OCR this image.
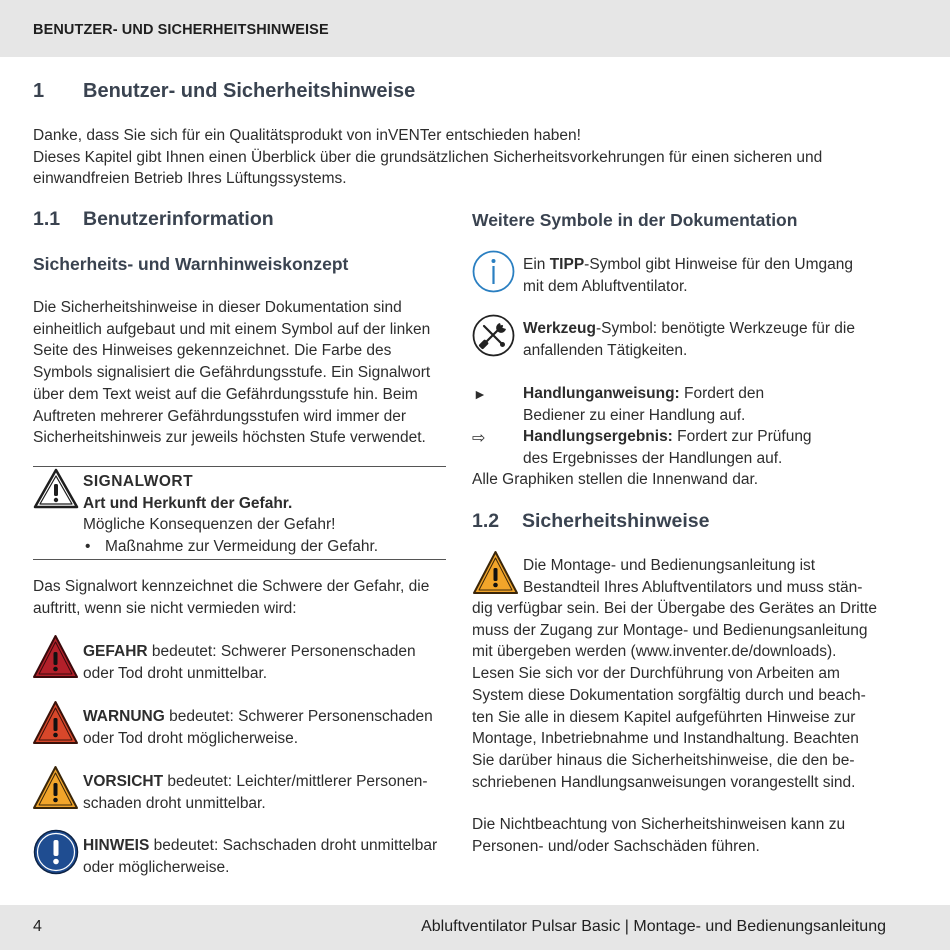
BENUTZER- UND SICHERHEITSHINWEISE
1 Benutzer- und Sicherheitshinweise

Danke, dass Sie sich für ein Qualitätsprodukt von inVENTer entschieden haben!

Dieses Kapitel gibt Ihnen einen Überblick über die grundsätzlichen Sicherheitsvorkehrungen für einen sicheren und

einwandfreien Betrieb Ihres Lüftungssystems.

1.1 Benutzerinformation
Sicherheits- und Warnhinweiskonzept

Die Sicherheitshinweise in dieser Dokumentation sind

einheitlich aufgebaut und mit einem Symbol auf der linken

Seite des Hinweises gekennzeichnet. Die Farbe des

Symbols signalisiert die Gefährdungsstufe. Ein Signalwort

über dem Text weist auf die Gefährdungsstufe hin. Beim

Auftreten mehrerer Gefährdungsstufen wird immer der

Sicherheitshinweis zur jeweils höchsten Stufe verwendet.

SIGNALWORT
Art und Herkunft der Gefahr.
Mögliche Konsequenzen der Gefahr!
• Maßnahme zur Vermeidung der Gefahr.

Das Signalwort kennzeichnet die Schwere der Gefahr, die

auftritt, wenn sie nicht vermieden wird:

GEFAHR bedeutet: Schwerer Personenschaden
oder Tod droht unmittelbar.
WARNUNG bedeutet: Schwerer Personenschaden
oder Tod droht möglicherweise.
VORSICHT bedeutet: Leichter/mittlerer Personen-
schaden droht unmittelbar.
HINWEIS bedeutet: Sachschaden droht unmittelbar
oder möglicherweise.
Weitere Symbole in der Dokumentation
Ein TIPP-Symbol gibt Hinweise für den Umgang
mit dem Abluftventilator.
Werkzeug-Symbol: benötigte Werkzeuge für die
anfallenden Tätigkeiten.
► Handlunganweisung: Fordert den
Bediener zu einer Handlung auf.
⇨ Handlungsergebnis: Fordert zur Prüfung
des Ergebnisses der Handlungen auf.
Alle Graphiken stellen die Innenwand dar.
1.2 Sicherheitshinweise
Die Montage- und Bedienungsanleitung ist
Bestandteil Ihres Abluftventilators und muss stän-

dig verfügbar sein. Bei der Übergabe des Gerätes an Dritte

muss der Zugang zur Montage- und Bedienungsanleitung

mit übergeben werden (www.inventer.de/downloads).

Lesen Sie sich vor der Durchführung von Arbeiten am

System diese Dokumentation sorgfältig durch und beach-

ten Sie alle in diesem Kapitel aufgeführten Hinweise zur

Montage, Inbetriebnahme und Instandhaltung. Beachten

Sie darüber hinaus die Sicherheitshinweise, die den be-

schriebenen Handlungsanweisungen vorangestellt sind.

Die Nichtbeachtung von Sicherheitshinweisen kann zu

Personen- und/oder Sachschäden führen.

4	Abluftventilator Pulsar Basic | Montage- und Bedienungsanleitung
